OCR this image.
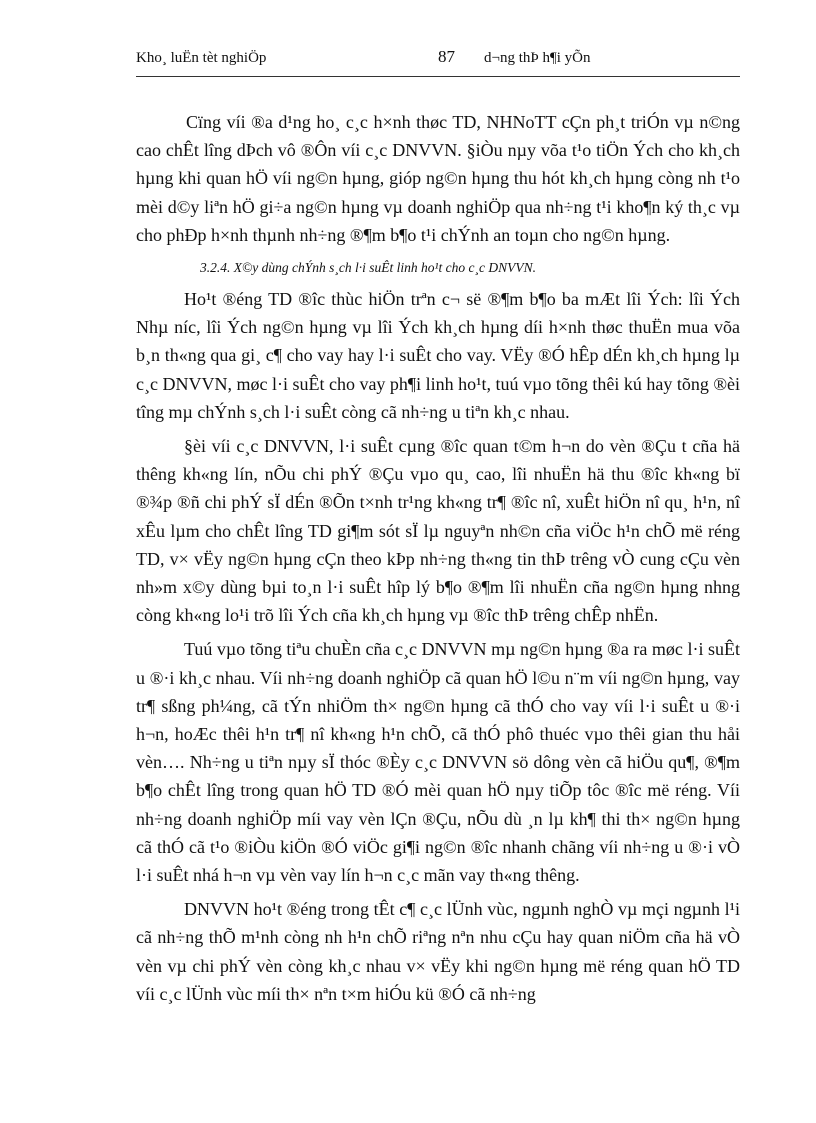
Kho¸ luËn tèt nghiÖp	87 d¬ng thÞ h¶i yÕn

Cïng víi ®a d¹ng ho¸ c¸c h×nh thøc TD, NHNoTT cÇn ph¸t triÓn vµ n©ng cao chÊt lîng dÞch vô ®Ôn víi c¸c DNVVN. §iÒu nµy võa t¹o tiÖn Ých cho kh¸ch hµng khi quan hÖ víi ng©n hµng, gióp ng©n hµng thu hót kh¸ch hµng còng nh t¹o mèi d©y liªn hÖ gi÷a ng©n hµng vµ doanh nghiÖp qua nh÷ng t¹i kho¶n ký th¸c vµ cho phÐp h×nh thµnh nh÷ng ®¶m b¶o t¹i chÝnh an toµn cho ng©n hµng.

3.2.4. X©y dùng chÝnh s¸ch l·i suÊt linh ho¹t cho c¸c DNVVN.

Ho¹t ®éng TD ®îc thùc hiÖn trªn c¬ së ®¶m b¶o ba mÆt lîi Ých: lîi Ých Nhµ níc, lîi Ých ng©n hµng vµ lîi Ých kh¸ch hµng díi h×nh thøc thuËn mua võa b¸n th«ng qua gi¸ c¶ cho vay hay l·i suÊt cho vay. VËy ®Ó hÊp dÉn kh¸ch hµng lµ c¸c DNVVN, møc l·i suÊt cho vay ph¶i linh ho¹t, tuú vµo tõng thêi kú hay tõng ®èi tîng mµ chÝnh s¸ch l·i suÊt còng cã nh÷ng u tiªn kh¸c nhau.

§èi víi c¸c DNVVN, l·i suÊt cµng ®îc quan t©m h¬n do vèn ®Çu t cña hä thêng kh«ng lín, nÕu chi phÝ ®Çu vµo qu¸ cao, lîi nhuËn hä thu ®îc kh«ng bï ®¾p ®ñ chi phÝ sÏ dÉn ®Õn t×nh tr¹ng kh«ng tr¶ ®îc nî, xuÊt hiÖn nî qu¸ h¹n, nî xÊu lµm cho chÊt lîng TD gi¶m sót sÏ lµ nguyªn nh©n cña viÖc h¹n chÕ më réng TD, v× vËy ng©n hµng cÇn theo kÞp nh÷ng th«ng tin thÞ trêng vÒ cung cÇu vèn nh»m x©y dùng bµi to¸n l·i suÊt hîp lý b¶o ®¶m lîi nhuËn cña ng©n hµng nhng còng kh«ng lo¹i trõ lîi Ých cña kh¸ch hµng vµ ®îc thÞ trêng chÊp nhËn.

Tuú vµo tõng tiªu chuÈn cña c¸c DNVVN mµ ng©n hµng ®a ra møc l·i suÊt u ®·i kh¸c nhau. Víi nh÷ng doanh nghiÖp cã quan hÖ l©u n¨m víi ng©n hµng, vay tr¶ sßng ph¼ng, cã tÝn nhiÖm th× ng©n hµng cã thÓ cho vay víi l·i suÊt u ®·i h¬n, hoÆc thêi h¹n tr¶ nî kh«ng h¹n chÕ, cã thÓ phô thuéc vµo thêi gian thu håi vèn…. Nh÷ng u tiªn nµy sÏ thóc ®Èy c¸c DNVVN sö dông vèn cã hiÖu qu¶, ®¶m b¶o chÊt lîng trong quan hÖ TD ®Ó mèi quan hÖ nµy tiÕp tôc ®îc më réng. Víi nh÷ng doanh nghiÖp míi vay vèn lÇn ®Çu, nÕu dù ¸n lµ kh¶ thi th× ng©n hµng cã thÓ cã t¹o ®iÒu kiÖn ®Ó viÖc gi¶i ng©n ®îc nhanh chãng víi nh÷ng u ®·i vÒ l·i suÊt nhá h¬n vµ vèn vay lín h¬n c¸c mãn vay th«ng thêng.

DNVVN ho¹t ®éng trong tÊt c¶ c¸c lÜnh vùc, ngµnh nghÒ vµ mçi ngµnh l¹i cã nh÷ng thÕ m¹nh còng nh h¹n chÕ riªng nªn nhu cÇu hay quan niÖm cña hä vÒ vèn vµ chi phÝ vèn còng kh¸c nhau v× vËy khi ng©n hµng më réng quan hÖ TD víi c¸c lÜnh vùc míi th× nªn t×m hiÓu kü ®Ó cã nh÷ng
